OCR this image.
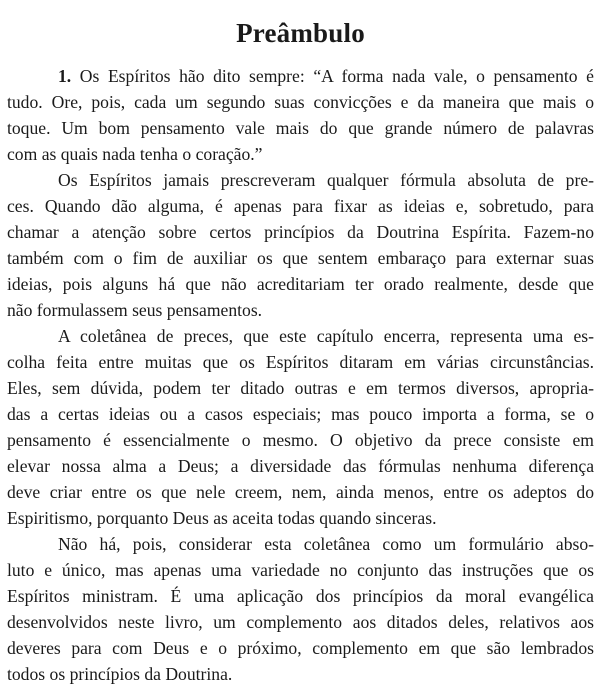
Preâmbulo
1. Os Espíritos hão dito sempre: “A forma nada vale, o pensamento é
tudo. Ore, pois, cada um segundo suas convicções e da maneira que mais o
toque. Um bom pensamento vale mais do que grande número de palavras
com as quais nada tenha o coração.”
Os Espíritos jamais prescreveram qualquer fórmula absoluta de pre-
ces. Quando dão alguma, é apenas para fixar as ideias e, sobretudo, para
chamar a atenção sobre certos princípios da Doutrina Espírita. Fazem-no
também com o fim de auxiliar os que sentem embaraço para externar suas
ideias, pois alguns há que não acreditariam ter orado realmente, desde que
não formulassem seus pensamentos.
A coletânea de preces, que este capítulo encerra, representa uma es-
colha feita entre muitas que os Espíritos ditaram em várias circunstâncias.
Eles, sem dúvida, podem ter ditado outras e em termos diversos, apropria-
das a certas ideias ou a casos especiais; mas pouco importa a forma, se o
pensamento é essencialmente o mesmo. O objetivo da prece consiste em
elevar nossa alma a Deus; a diversidade das fórmulas nenhuma diferença
deve criar entre os que nele creem, nem, ainda menos, entre os adeptos do
Espiritismo, porquanto Deus as aceita todas quando sinceras.
Não há, pois, considerar esta coletânea como um formulário abso-
luto e único, mas apenas uma variedade no conjunto das instruções que os
Espíritos ministram. É uma aplicação dos princípios da moral evangélica
desenvolvidos neste livro, um complemento aos ditados deles, relativos aos
deveres para com Deus e o próximo, complemento em que são lembrados
todos os princípios da Doutrina.
